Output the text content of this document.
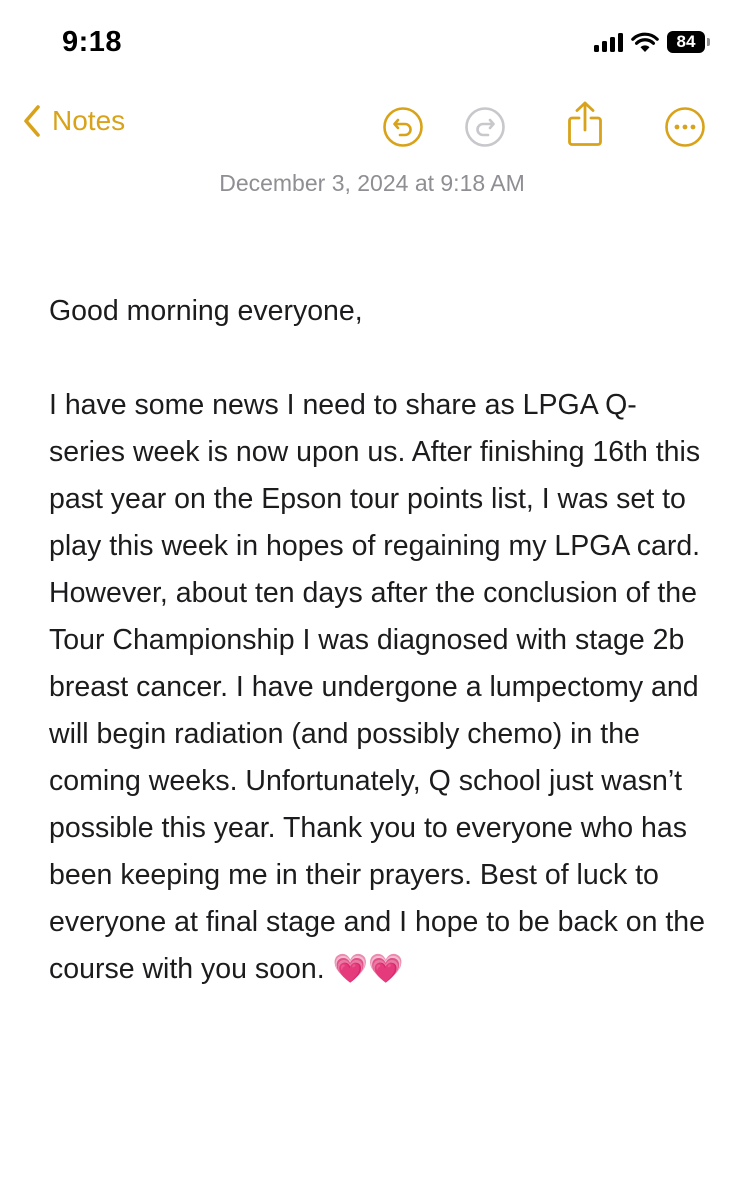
9:18	84
Notes
December 3, 2024 at 9:18 AM

Good morning everyone,

I have some news I need to share as LPGA Q-series week is now upon us. After finishing 16th this past year on the Epson tour points list, I was set to play this week in hopes of regaining my LPGA card. However, about ten days after the conclusion of the Tour Championship I was diagnosed with stage 2b breast cancer. I have undergone a lumpectomy and will begin radiation (and possibly chemo) in the coming weeks. Unfortunately, Q school just wasn’t possible this year. Thank you to everyone who has been keeping me in their prayers. Best of luck to everyone at final stage and I hope to be back on the course with you soon. 💗💗
